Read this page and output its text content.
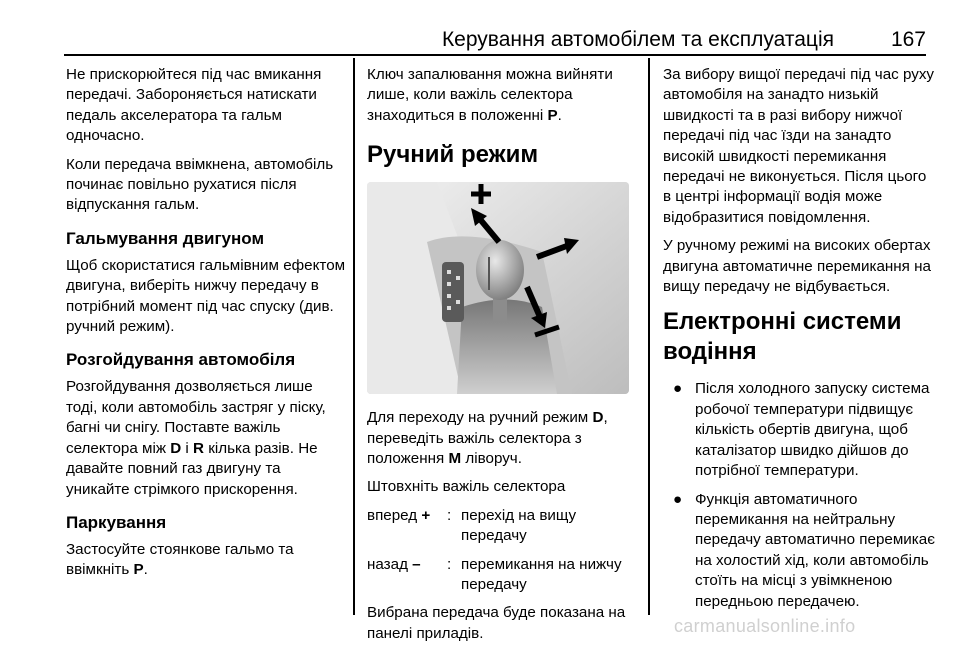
Керування автомобілем та експлуатація	167

Не прискорюйтеся під час вмикання передачі. Забороняється натискати педаль акселератора та гальм одночасно.

Коли передача ввімкнена, автомобіль починає повільно рухатися після відпускання гальм.

Гальмування двигуном

Щоб скористатися гальмівним ефектом двигуна, виберіть нижчу передачу в потрібний момент під час спуску (див. ручний режим).

Розгойдування автомобіля

Розгойдування дозволяється лише тоді, коли автомобіль застряг у піску, багні чи снігу. Поставте важіль селектора між D і R кілька разів. Не давайте повний газ двигуну та уникайте стрімкого прискорення.

Паркування

Застосуйте стоянкове гальмо та ввімкніть P.

Ключ запалювання можна вийняти лише, коли важіль селектора знаходиться в положенні P.

Ручний режим

Для переходу на ручний режим D, переведіть важіль селектора з положення M ліворуч.

Штовхніть важіль селектора

вперед +	: перехід на вищу передачу
назад –	: перемикання на нижчу передачу

Вибрана передача буде показана на панелі приладів.

За вибору вищої передачі під час руху автомобіля на занадто низькій швидкості та в разі вибору нижчої передачі під час їзди на занадто високій швидкості перемикання передачі не виконується. Після цього в центрі інформації водія може відобразитися повідомлення.

У ручному режимі на високих обертах двигуна автоматичне перемикання на вищу передачу не відбувається.

Електронні системи водіння
● Після холодного запуску система робочої температури підвищує кількість обертів двигуна, щоб каталізатор швидко дійшов до потрібної температури.
● Функція автоматичного перемикання на нейтральну передачу автоматично перемикає на холостий хід, коли автомобіль стоїть на місці з увімкненою передньою передачею.
carmanualsonline.info
